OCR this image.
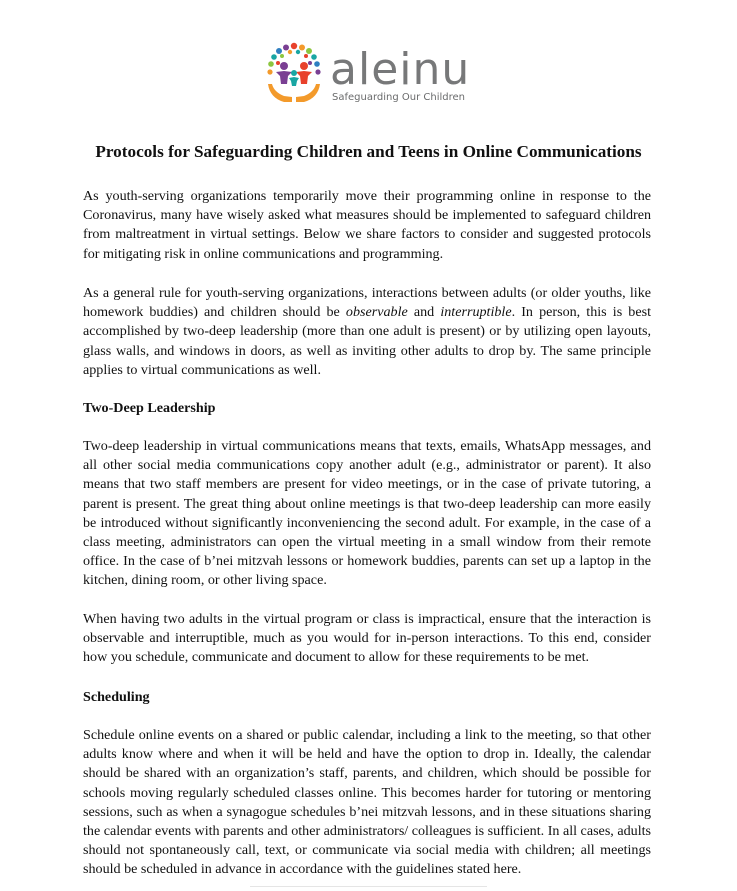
aleinu
Safeguarding Our Children
Protocols for Safeguarding Children and Teens in Online Communications

As youth-serving organizations temporarily move their programming online in response to the Coronavirus, many have wisely asked what measures should be implemented to safeguard children from maltreatment in virtual settings. Below we share factors to consider and suggested protocols for mitigating risk in online communications and programming.

As a general rule for youth-serving organizations, interactions between adults (or older youths, like homework buddies) and children should be observable and interruptible. In person, this is best accomplished by two-deep leadership (more than one adult is present) or by utilizing open layouts, glass walls, and windows in doors, as well as inviting other adults to drop by. The same principle applies to virtual communications as well.

Two-Deep Leadership

Two-deep leadership in virtual communications means that texts, emails, WhatsApp messages, and all other social media communications copy another adult (e.g., administrator or parent). It also means that two staff members are present for video meetings, or in the case of private tutoring, a parent is present. The great thing about online meetings is that two-deep leadership can more easily be introduced without significantly inconveniencing the second adult. For example, in the case of a class meeting, administrators can open the virtual meeting in a small window from their remote office. In the case of b’nei mitzvah lessons or homework buddies, parents can set up a laptop in the kitchen, dining room, or other living space.

When having two adults in the virtual program or class is impractical, ensure that the interaction is observable and interruptible, much as you would for in-person interactions. To this end, consider how you schedule, communicate and document to allow for these requirements to be met.

Scheduling

Schedule online events on a shared or public calendar, including a link to the meeting, so that other adults know where and when it will be held and have the option to drop in. Ideally, the calendar should be shared with an organization’s staff, parents, and children, which should be possible for schools moving regularly scheduled classes online. This becomes harder for tutoring or mentoring sessions, such as when a synagogue schedules b’nei mitzvah lessons, and in these situations sharing the calendar events with parents and other administrators/ colleagues is sufficient. In all cases, adults should not spontaneously call, text, or communicate via social media with children; all meetings should be scheduled in advance in accordance with the guidelines stated here.
